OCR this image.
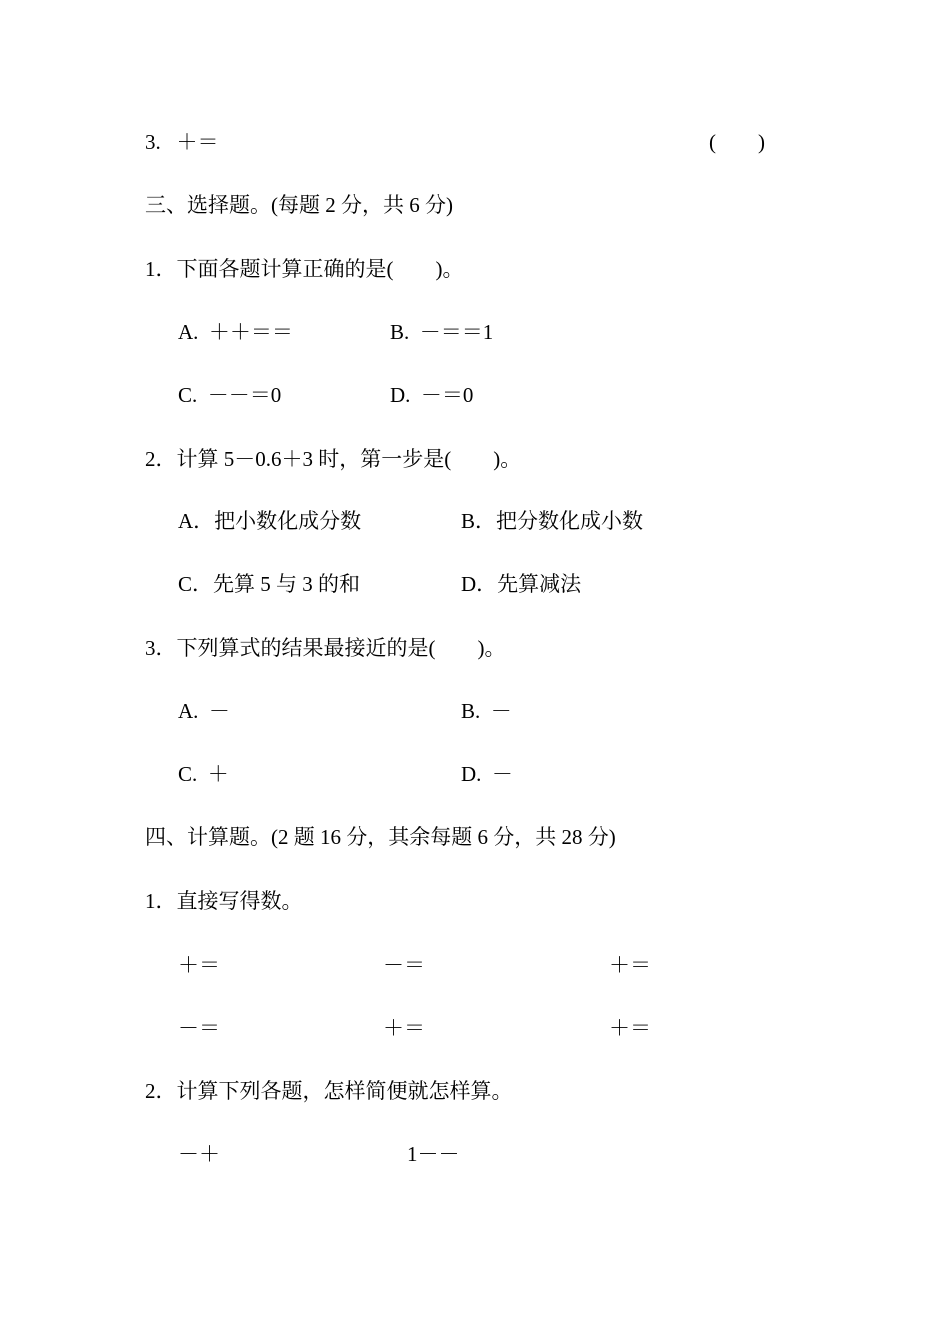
3.   ＋＝	(　　)
三、选择题。(每题 2 分，共 6 分)
1．下面各题计算正确的是(　　)。
A.  ＋＋＝＝	B.  －＝＝1
C.  －－＝0	D.  －＝0
2．计算 5－0.6＋3 时，第一步是(　　)。
A．把小数化成分数	B．把分数化成小数
C．先算 5 与 3 的和	D．先算减法
3．下列算式的结果最接近的是(　　)。
A.  －	B.  －
C.  ＋	D.  －
四、计算题。(2 题 16 分，其余每题 6 分，共 28 分)
1．直接写得数。
＋＝	－＝	＋＝
－＝	＋＝	＋＝
2．计算下列各题，怎样简便就怎样算。
－＋	1－－
